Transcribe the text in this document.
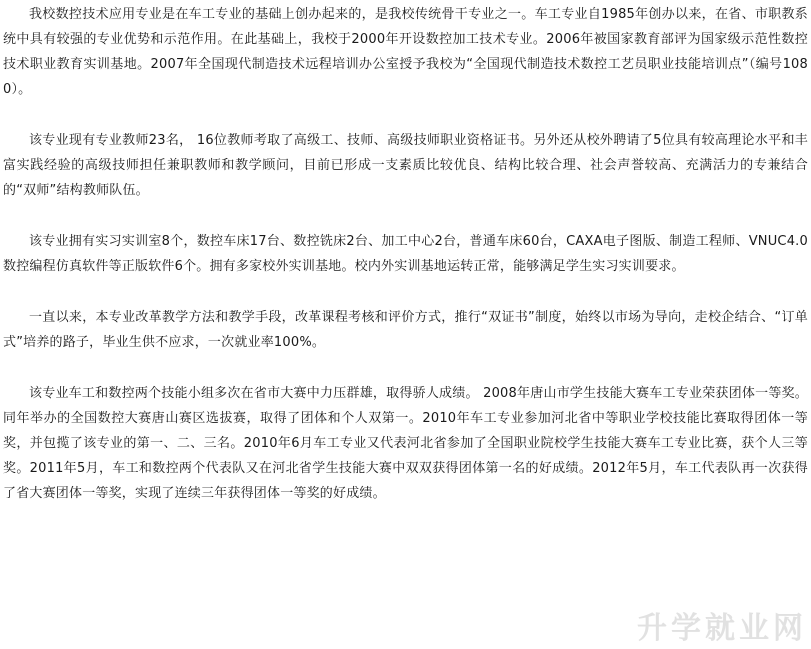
我校数控技术应用专业是在车工专业的基础上创办起来的，是我校传统骨干专业之一。车工专业自1985年创办以来，在省、市职教系统中具有较强的专业优势和示范作用。在此基础上，我校于2000年开设数控加工技术专业。2006年被国家教育部评为国家级示范性数控技术职业教育实训基地。2007年全国现代制造技术远程培训办公室授予我校为“全国现代制造技术数控工艺员职业技能培训点”（编号1080）。

该专业现有专业教师23名， 16位教师考取了高级工、技师、高级技师职业资格证书。另外还从校外聘请了5位具有较高理论水平和丰富实践经验的高级技师担任兼职教师和教学顾问，目前已形成一支素质比较优良、结构比较合理、社会声誉较高、充满活力的专兼结合的“双师”结构教师队伍。

该专业拥有实习实训室8个，数控车床17台、数控铣床2台、加工中心2台，普通车床60台，CAXA电子图版、制造工程师、VNUC4.0数控编程仿真软件等正版软件6个。拥有多家校外实训基地。校内外实训基地运转正常，能够满足学生实习实训要求。

一直以来，本专业改革教学方法和教学手段，改革课程考核和评价方式，推行“双证书”制度，始终以市场为导向，走校企结合、“订单式”培养的路子，毕业生供不应求，一次就业率100%。

该专业车工和数控两个技能小组多次在省市大赛中力压群雄，取得骄人成绩。 2008年唐山市学生技能大赛车工专业荣获团体一等奖。同年举办的全国数控大赛唐山赛区选拔赛，取得了团体和个人双第一。2010年车工专业参加河北省中等职业学校技能比赛取得团体一等奖，并包揽了该专业的第一、二、三名。2010年6月车工专业又代表河北省参加了全国职业院校学生技能大赛车工专业比赛，获个人三等奖。2011年5月，车工和数控两个代表队又在河北省学生技能大赛中双双获得团体第一名的好成绩。2012年5月，车工代表队再一次获得了省大赛团体一等奖，实现了连续三年获得团体一等奖的好成绩。

升学就业网
